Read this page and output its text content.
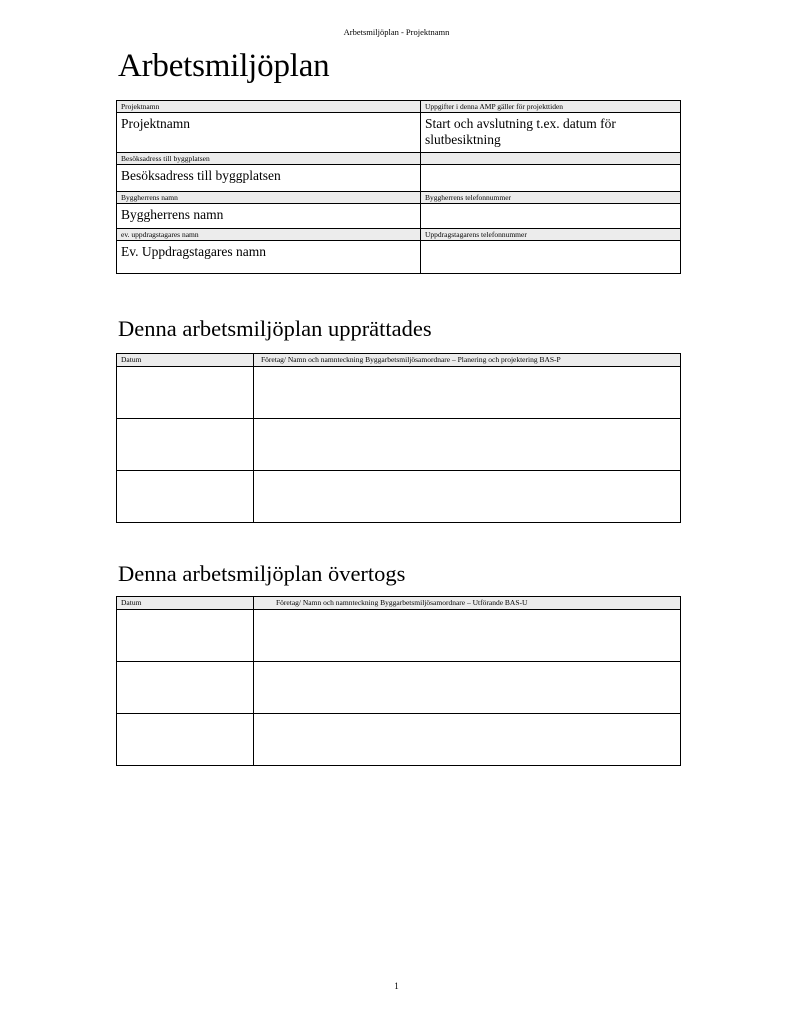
Arbetsmiljöplan - Projektnamn
Arbetsmiljöplan
Projektnamn	Uppgifter i denna AMP gäller för projekttiden
Projektnamn	Start och avslutning t.ex. datum för slutbesiktning
Besöksadress till byggplatsen	
Besöksadress till byggplatsen	
Byggherrens namn	Byggherrens telefonnummer
Byggherrens namn	
ev. uppdragstagares namn	Uppdragstagarens telefonnummer
Ev. Uppdragstagares namn	
Denna arbetsmiljöplan upprättades
Datum	Företag/ Namn och namnteckning Byggarbetsmiljösamordnare – Planering och projektering BAS-P

Denna arbetsmiljöplan övertogs
Datum	Företag/ Namn och namnteckning Byggarbetsmiljösamordnare – Utförande BAS-U

1
